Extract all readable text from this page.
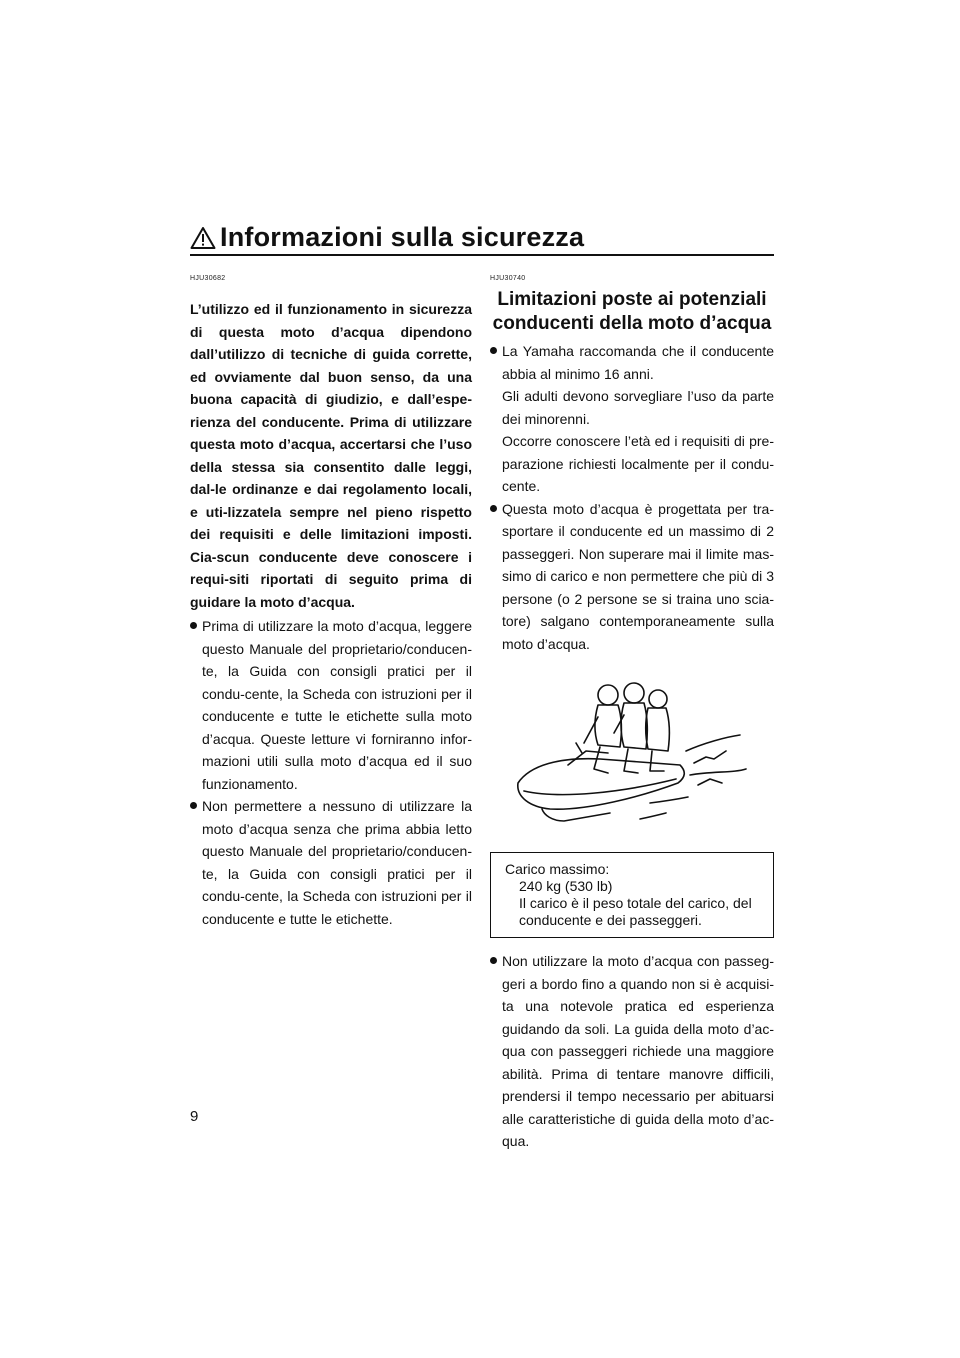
Informazioni sulla sicurezza
HJU30682
L’utilizzo ed il funzionamento in sicurezza di questa moto d’acqua dipendono dall’utilizzo di tecniche di guida corrette, ed ovviamente dal buon senso, da una buona capacità di giudizio, e dall’espe-rienza del conducente. Prima di utilizzare questa moto d’acqua, accertarsi che l’uso della stessa sia consentito dalle leggi, dal-le ordinanze e dai regolamento locali, e uti-lizzatela sempre nel pieno rispetto dei requisiti e delle limitazioni imposti. Cia-scun conducente deve conoscere i requi-siti riportati di seguito prima di guidare la moto d’acqua.
Prima di utilizzare la moto d’acqua, leggere questo Manuale del proprietario/conducen-te, la Guida con consigli pratici per il condu-cente, la Scheda con istruzioni per il conducente e tutte le etichette sulla moto d’acqua. Queste letture vi forniranno infor-mazioni utili sulla moto d’acqua ed il suo funzionamento.
Non permettere a nessuno di utilizzare la moto d’acqua senza che prima abbia letto questo Manuale del proprietario/conducen-te, la Guida con consigli pratici per il condu-cente, la Scheda con istruzioni per il conducente e tutte le etichette.
HJU30740
Limitazioni poste ai potenziali conducenti della moto d’acqua
La Yamaha raccomanda che il conducente abbia al minimo 16 anni.
Gli adulti devono sorvegliare l’uso da parte dei minorenni.
Occorre conoscere l’età ed i requisiti di pre-parazione richiesti localmente per il condu-cente.
Questa moto d’acqua è progettata per tra-sportare il conducente ed un massimo di 2 passeggeri. Non superare mai il limite mas-simo di carico e non permettere che più di 3 persone (o 2 persone se si traina uno scia-tore) salgano contemporaneamente sulla moto d’acqua.
Carico massimo:
240 kg (530 lb)
Il carico è il peso totale del carico, del conducente e dei passeggeri.
Non utilizzare la moto d’acqua con passeg-geri a bordo fino a quando non si è acquisi-ta una notevole pratica ed esperienza guidando da soli. La guida della moto d’ac-qua con passeggeri richiede una maggiore abilità. Prima di tentare manovre difficili, prendersi il tempo necessario per abituarsi alle caratteristiche di guida della moto d’ac-qua.
9
